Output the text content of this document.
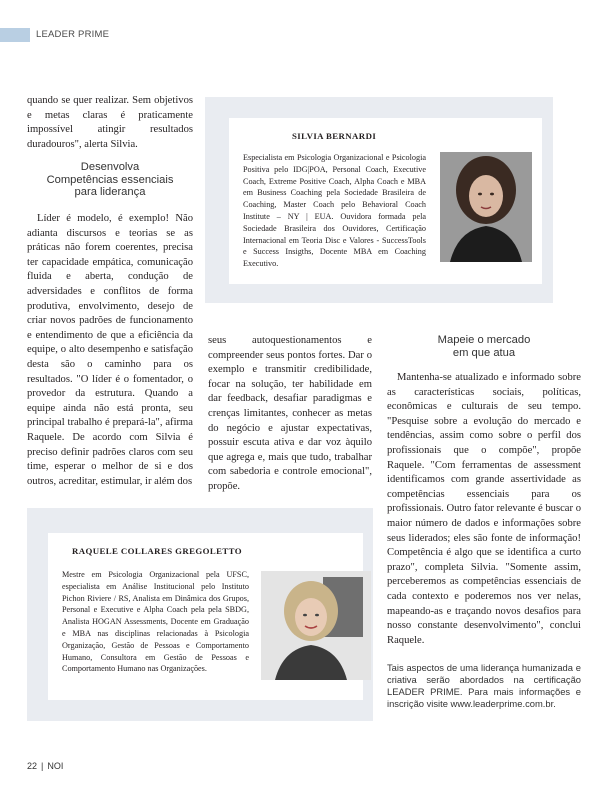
LEADER PRIME

quando se quer realizar. Sem objetivos e metas claras é praticamente impossível atingir resultados duradouros", alerta Silvia.

Desenvolva
Competências essenciais
para liderança

Líder é modelo, é exemplo! Não adianta discursos e teorias se as práticas não forem coerentes, precisa ter capacidade empática, comunicação fluida e aberta, condução de adversidades e conflitos de forma produtiva, envolvimento, desejo de criar novos padrões de funcionamento e entendimento de que a eficiência da equipe, o alto desempenho e satisfação desta são o caminho para os resultados. "O líder é o fomentador, o provedor da estrutura. Quando a equipe ainda não está pronta, seu principal trabalho é prepará-la", afirma Raquele. De acordo com Silvia é preciso definir padrões claros com seu time, esperar o melhor de si e dos outros, acreditar, estimular, ir além dos

seus autoquestionamentos e compreender seus pontos fortes. Dar o exemplo e transmitir credibilidade, focar na solução, ter habilidade em dar feedback, desafiar paradigmas e crenças limitantes, conhecer as metas do negócio e ajustar expectativas, possuir escuta ativa e dar voz àquilo que agrega e, mais que tudo, trabalhar com sabedoria e controle emocional", propõe.

Mapeie o mercado
em que atua

Mantenha-se atualizado e informado sobre as características sociais, políticas, econômicas e culturais de seu tempo. "Pesquise sobre a evolução do mercado e tendências, assim como sobre o perfil dos profissionais que o compõe", propõe Raquele. "Com ferramentas de assessment identificamos com grande assertividade as competências essenciais para os profissionais. Outro fator relevante é buscar o maior número de dados e informações sobre seus liderados; eles são fonte de informação! Competência é algo que se identifica a curto prazo", completa Silvia. "Somente assim, perceberemos as competências essenciais de cada contexto e poderemos nos ver nelas, mapeando-as e traçando novos desafios para nosso constante desenvolvimento", conclui Raquele.

SILVIA BERNARDI
Especialista em Psicologia Organizacional e Psicologia Positiva pelo IDG|POA, Personal Coach, Executive Coach, Extreme Positive Coach, Alpha Coach e MBA em Business Coaching pela Sociedade Brasileira de Coaching, Master Coach pelo Behavioral Coach Institute – NY | EUA. Ouvidora formada pela Sociedade Brasileira dos Ouvidores, Certificação Internacional em Teoria Disc e Valores - SuccessTools e Success Insigths, Docente MBA em Coaching Executivo.
RAQUELE COLLARES GREGOLETTO
Mestre em Psicologia Organizacional pela UFSC, especialista em Análise Institucional pelo Instituto Pichon Riviere / RS, Analista em Dinâmica dos Grupos, Personal e Executive e Alpha Coach pela pela SBDG, Analista HOGAN Assessments, Docente em Graduação e MBA nas disciplinas relacionadas à Psicologia Organização, Gestão de Pessoas e Comportamento Humano, Consultora em Gestão de Pessoas e Comportamento Humano nas Organizações.	Tais aspectos de uma liderança humanizada e criativa serão abordados na certificação LEADER PRIME. Para mais informações e inscrição visite www.leaderprime.com.br.
22 | NOI
